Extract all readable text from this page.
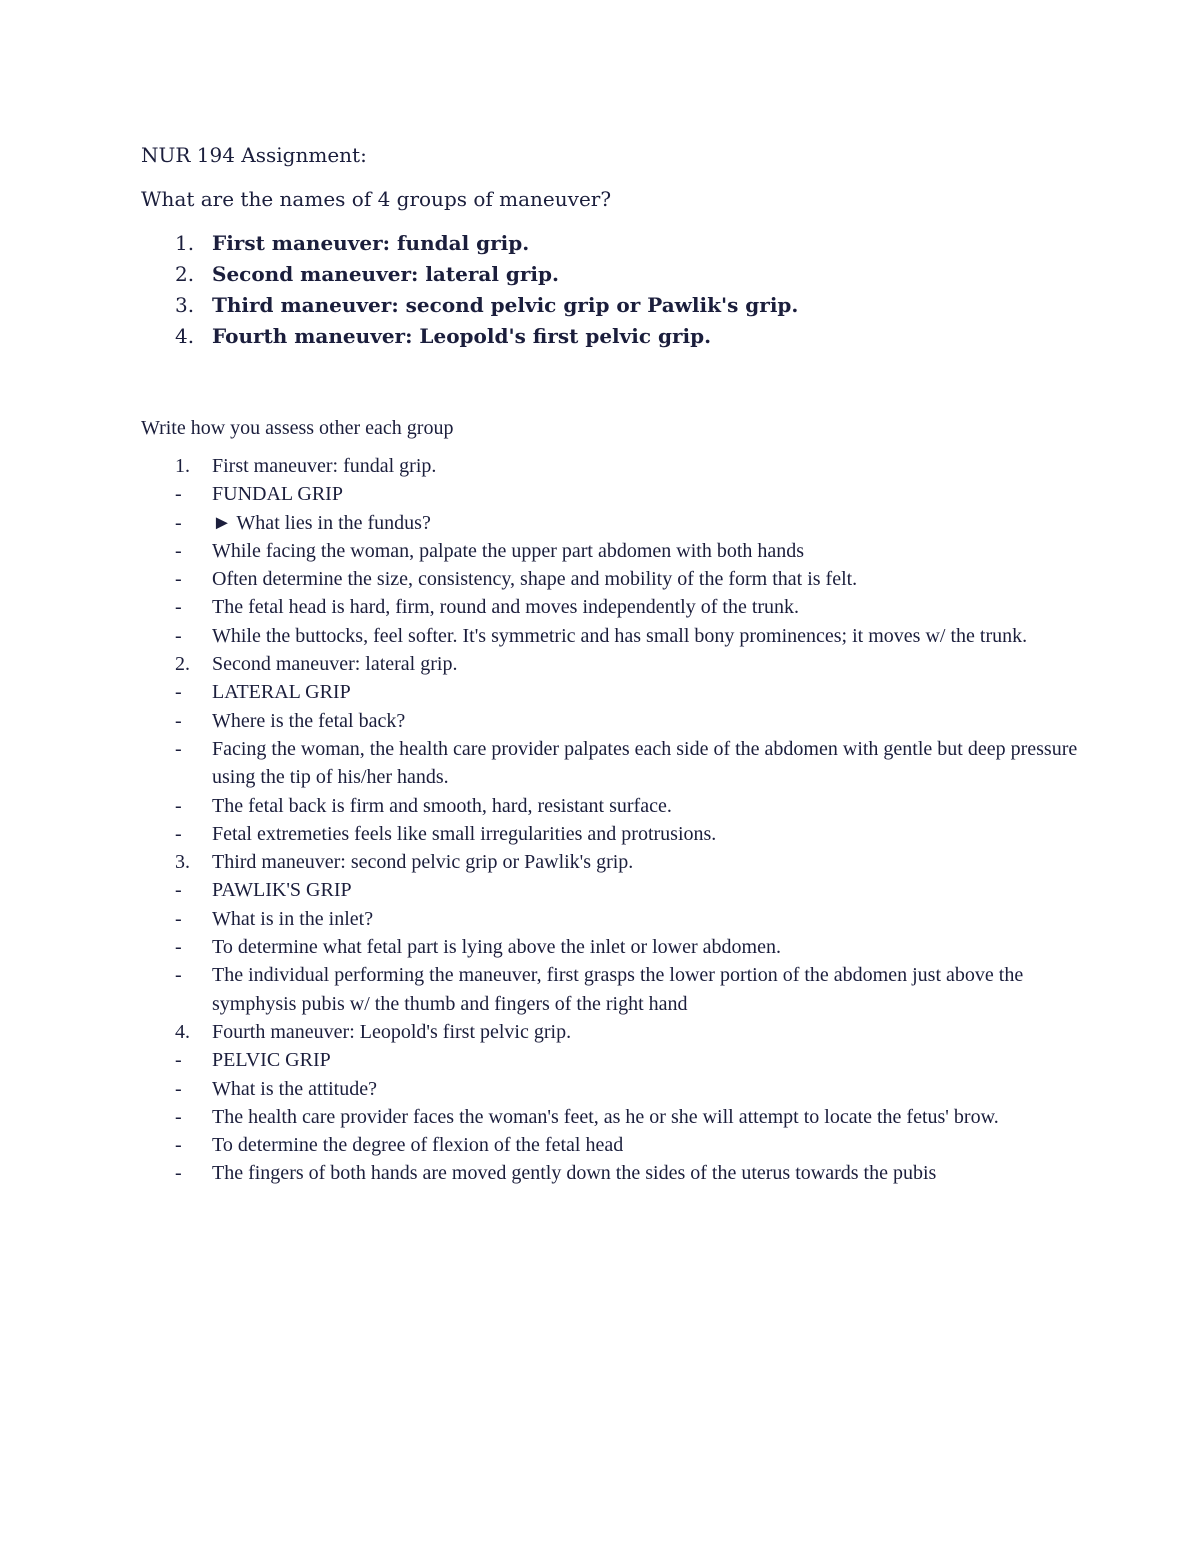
NUR 194 Assignment:
What are the names of 4 groups of maneuver?
1. First maneuver: fundal grip.
2. Second maneuver: lateral grip.
3. Third maneuver: second pelvic grip or Pawlik's grip.
4. Fourth maneuver: Leopold's first pelvic grip.
Write how you assess other each group
1. First maneuver: fundal grip.
- FUNDAL GRIP
- ► What lies in the fundus?
- While facing the woman, palpate the upper part abdomen with both hands
- Often determine the size, consistency, shape and mobility of the form that is felt.
- The fetal head is hard, firm, round and moves independently of the trunk.
- While the buttocks, feel softer. It's symmetric and has small bony prominences; it moves w/ the trunk.
2. Second maneuver: lateral grip.
- LATERAL GRIP
- Where is the fetal back?
- Facing the woman, the health care provider palpates each side of the abdomen with gentle but deep pressure using the tip of his/her hands.
- The fetal back is firm and smooth, hard, resistant surface.
- Fetal extremeties feels like small irregularities and protrusions.
3. Third maneuver: second pelvic grip or Pawlik's grip.
- PAWLIK'S GRIP
- What is in the inlet?
- To determine what fetal part is lying above the inlet or lower abdomen.
- The individual performing the maneuver, first grasps the lower portion of the abdomen just above the symphysis pubis w/ the thumb and fingers of the right hand
4. Fourth maneuver: Leopold's first pelvic grip.
- PELVIC GRIP
- What is the attitude?
- The health care provider faces the woman's feet, as he or she will attempt to locate the fetus' brow.
- To determine the degree of flexion of the fetal head
- The fingers of both hands are moved gently down the sides of the uterus towards the pubis
